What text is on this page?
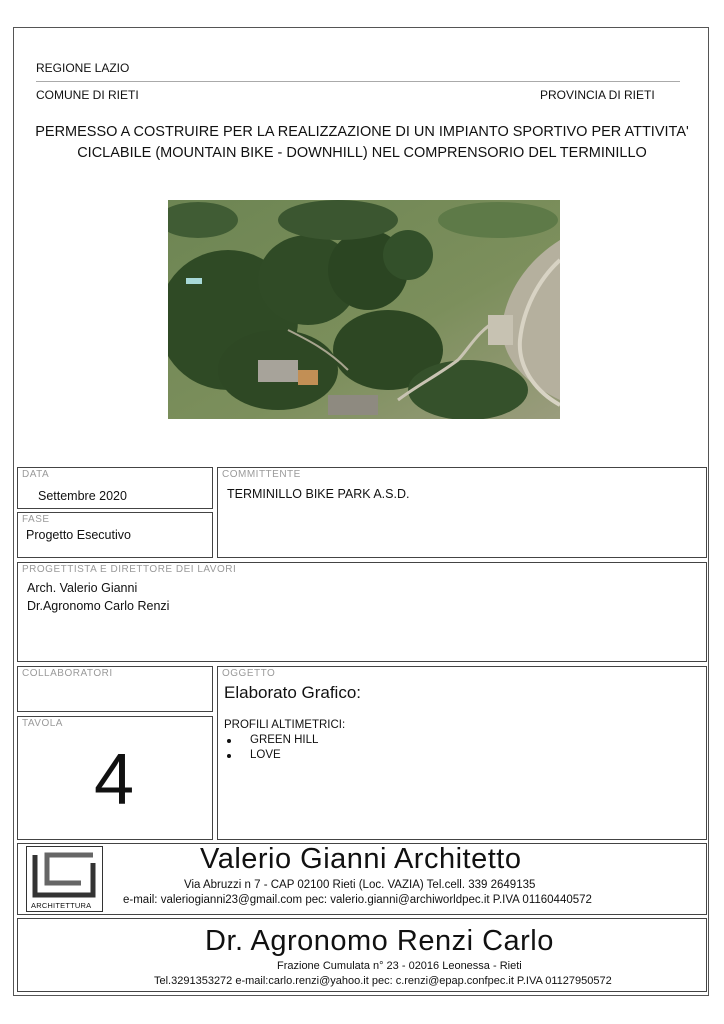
REGIONE LAZIO
COMUNE DI RIETI	PROVINCIA DI RIETI
PERMESSO A COSTRUIRE PER LA REALIZZAZIONE DI UN IMPIANTO SPORTIVO PER ATTIVITA'
CICLABILE (MOUNTAIN BIKE - DOWNHILL) NEL COMPRENSORIO DEL TERMINILLO
DATA
Settembre 2020
FASE
Progetto Esecutivo
COMMITTENTE
TERMINILLO BIKE PARK A.S.D.
PROGETTISTA E DIRETTORE DEI LAVORI
Arch. Valerio Gianni
Dr.Agronomo Carlo Renzi
COLLABORATORI
TAVOLA
4
OGGETTO
Elaborato Grafico:
PROFILI ALTIMETRICI:
GREEN HILL
LOVE
ARCHITETTURA
Valerio Gianni Architetto
Via Abruzzi n 7 - CAP 02100 Rieti (Loc. VAZIA) Tel.cell. 339 2649135
e-mail: valeriogianni23@gmail.com pec: valerio.gianni@archiworldpec.it P.IVA 01160440572
Dr. Agronomo Renzi Carlo
Frazione Cumulata n° 23 - 02016 Leonessa - Rieti
Tel.3291353272 e-mail:carlo.renzi@yahoo.it pec: c.renzi@epap.confpec.it P.IVA 01127950572
